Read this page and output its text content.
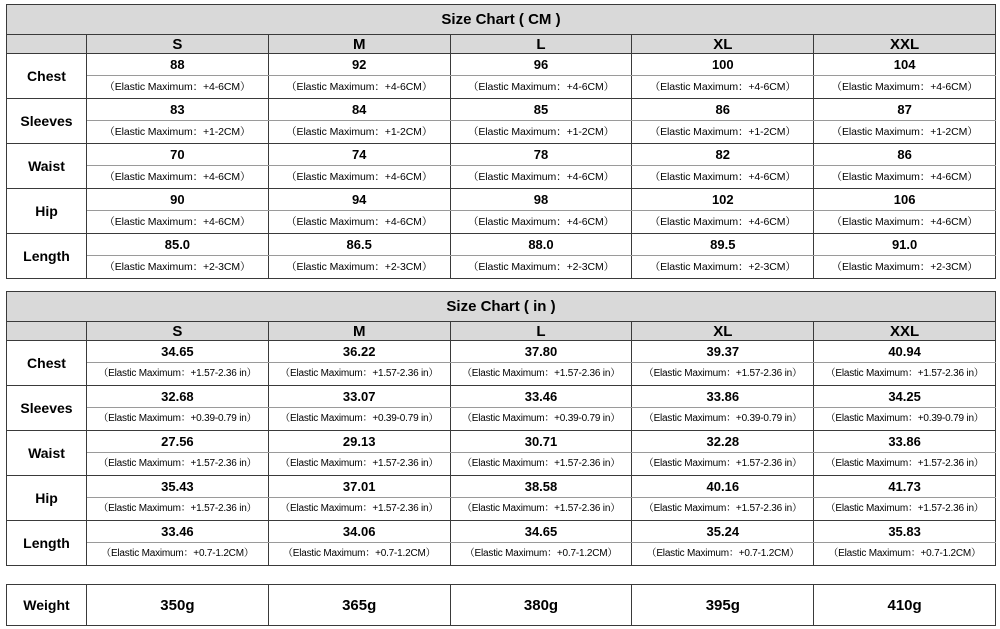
Size Chart ( CM )					
	S	M	L	XL	XXL
Chest	88	92	96	100	104
	（Elastic Maximum：+4-6CM）	（Elastic Maximum：+4-6CM）	（Elastic Maximum：+4-6CM）	（Elastic Maximum：+4-6CM）	（Elastic Maximum：+4-6CM）
Sleeves	83	84	85	86	87
	（Elastic Maximum：+1-2CM）	（Elastic Maximum：+1-2CM）	（Elastic Maximum：+1-2CM）	（Elastic Maximum：+1-2CM）	（Elastic Maximum：+1-2CM）
Waist	70	74	78	82	86
	（Elastic Maximum：+4-6CM）	（Elastic Maximum：+4-6CM）	（Elastic Maximum：+4-6CM）	（Elastic Maximum：+4-6CM）	（Elastic Maximum：+4-6CM）
Hip	90	94	98	102	106
	（Elastic Maximum：+4-6CM）	（Elastic Maximum：+4-6CM）	（Elastic Maximum：+4-6CM）	（Elastic Maximum：+4-6CM）	（Elastic Maximum：+4-6CM）
Length	85.0	86.5	88.0	89.5	91.0
	（Elastic Maximum：+2-3CM）	（Elastic Maximum：+2-3CM）	（Elastic Maximum：+2-3CM）	（Elastic Maximum：+2-3CM）	（Elastic Maximum：+2-3CM）
Size Chart ( in )					
	S	M	L	XL	XXL
Chest	34.65	36.22	37.80	39.37	40.94
	（Elastic Maximum：+1.57-2.36 in）	（Elastic Maximum：+1.57-2.36 in）	（Elastic Maximum：+1.57-2.36 in）	（Elastic Maximum：+1.57-2.36 in）	（Elastic Maximum：+1.57-2.36 in）
Sleeves	32.68	33.07	33.46	33.86	34.25
	（Elastic Maximum：+0.39-0.79 in）	（Elastic Maximum：+0.39-0.79 in）	（Elastic Maximum：+0.39-0.79 in）	（Elastic Maximum：+0.39-0.79 in）	（Elastic Maximum：+0.39-0.79 in）
Waist	27.56	29.13	30.71	32.28	33.86
	（Elastic Maximum：+1.57-2.36 in）	（Elastic Maximum：+1.57-2.36 in）	（Elastic Maximum：+1.57-2.36 in）	（Elastic Maximum：+1.57-2.36 in）	（Elastic Maximum：+1.57-2.36 in）
Hip	35.43	37.01	38.58	40.16	41.73
	（Elastic Maximum：+1.57-2.36 in）	（Elastic Maximum：+1.57-2.36 in）	（Elastic Maximum：+1.57-2.36 in）	（Elastic Maximum：+1.57-2.36 in）	（Elastic Maximum：+1.57-2.36 in）
Length	33.46	34.06	34.65	35.24	35.83
	（Elastic Maximum：+0.7-1.2CM）	（Elastic Maximum：+0.7-1.2CM）	（Elastic Maximum：+0.7-1.2CM）	（Elastic Maximum：+0.7-1.2CM）	（Elastic Maximum：+0.7-1.2CM）
Weight	350g	365g	380g	395g	410g
